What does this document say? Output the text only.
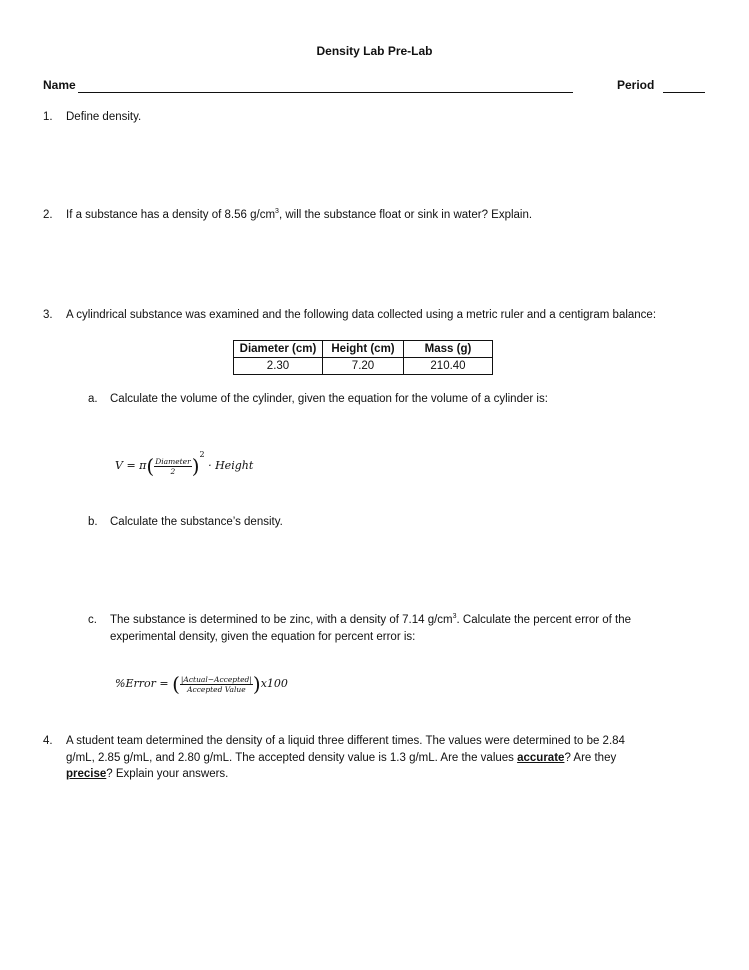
Density Lab Pre-Lab
Name	Period
1. Define density.
2. If a substance has a density of 8.56 $g/cm^3$, will the substance float or sink in water? Explain.
3. A cylindrical substance was examined and the following data collected using a metric ruler and a centigram balance:
Diameter (cm)	Height (cm)	Mass (g)
2.30	7.20	210.40
a. Calculate the volume of the cylinder, given the equation for the volume of a cylinder is:
$V = \pi( \frac{\text{Diameter}}{2} )^2$ · Height
b. Calculate the substance’s density.
c. The substance is determined to be zinc, with a density of 7.14 $g/cm^3$. Calculate the percent error of the
experimental density, given the equation for percent error is:
%Error = ( $\frac{\text{|Actual−Accepted|}}{\text{Accepted Value}} )x100$
4. A student team determined the density of a liquid three different times. The values were determined to be 2.84
g/mL, 2.85 g/mL, and 2.80 g/mL. The accepted density value is 1.3 g/mL. Are the values accurate? Are they
precise? Explain your answers.
